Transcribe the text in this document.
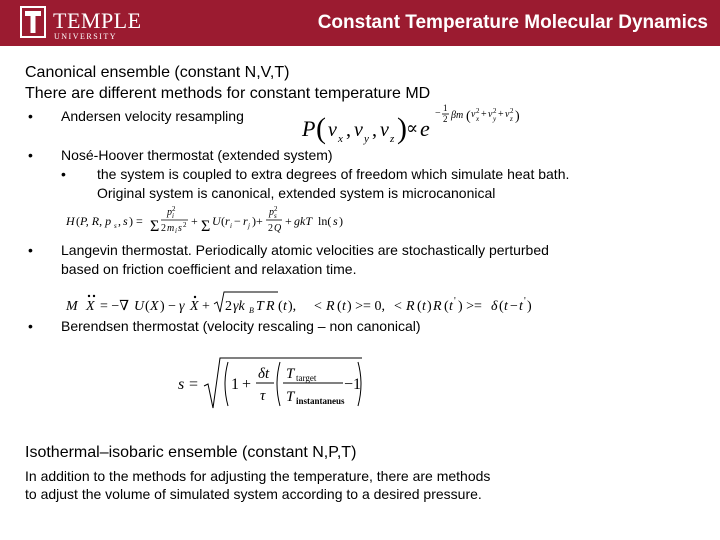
TEMPLE
UNIVERSITY
Constant Temperature Molecular Dynamics
Canonical ensemble (constant N,V,T)
There are different methods for constant temperature MD
• Andersen velocity resampling	P ( v x , v y , v z ) ∝ e
− 1
2 βm ( v 2
x + v 2
y + v 2
z )
• Nosé-Hoover thermostat (extended system)
• the system is coupled to extra degrees of freedom which simulate heat bath.
Original system is canonical, extended system is microcanonical
H ( P, R, p s , s ) = Σ
p 2
i
2 m i s 2 + Σ U ( r i − r j )+
p 2
s
2 Q
+ gkT ln( s )
• Langevin thermostat. Periodically atomic velocities are stochastically perturbed
based on friction coefficient and relaxation time.
M X = −∇ U ( X ) − γ X + 2 γk B T R ( t ), < R ( t ) >= 0, < R ( t ) R ( t ' ) >= δ ( t − t ' )
• Berendsen thermostat (velocity rescaling – non canonical)
s = 1 +
δt
τ
T target
T instantaneus
−1
Isothermal–isobaric ensemble (constant N,P,T)
In addition to the methods for adjusting the temperature, there are methods
to adjust the volume of simulated system according to a desired pressure.
